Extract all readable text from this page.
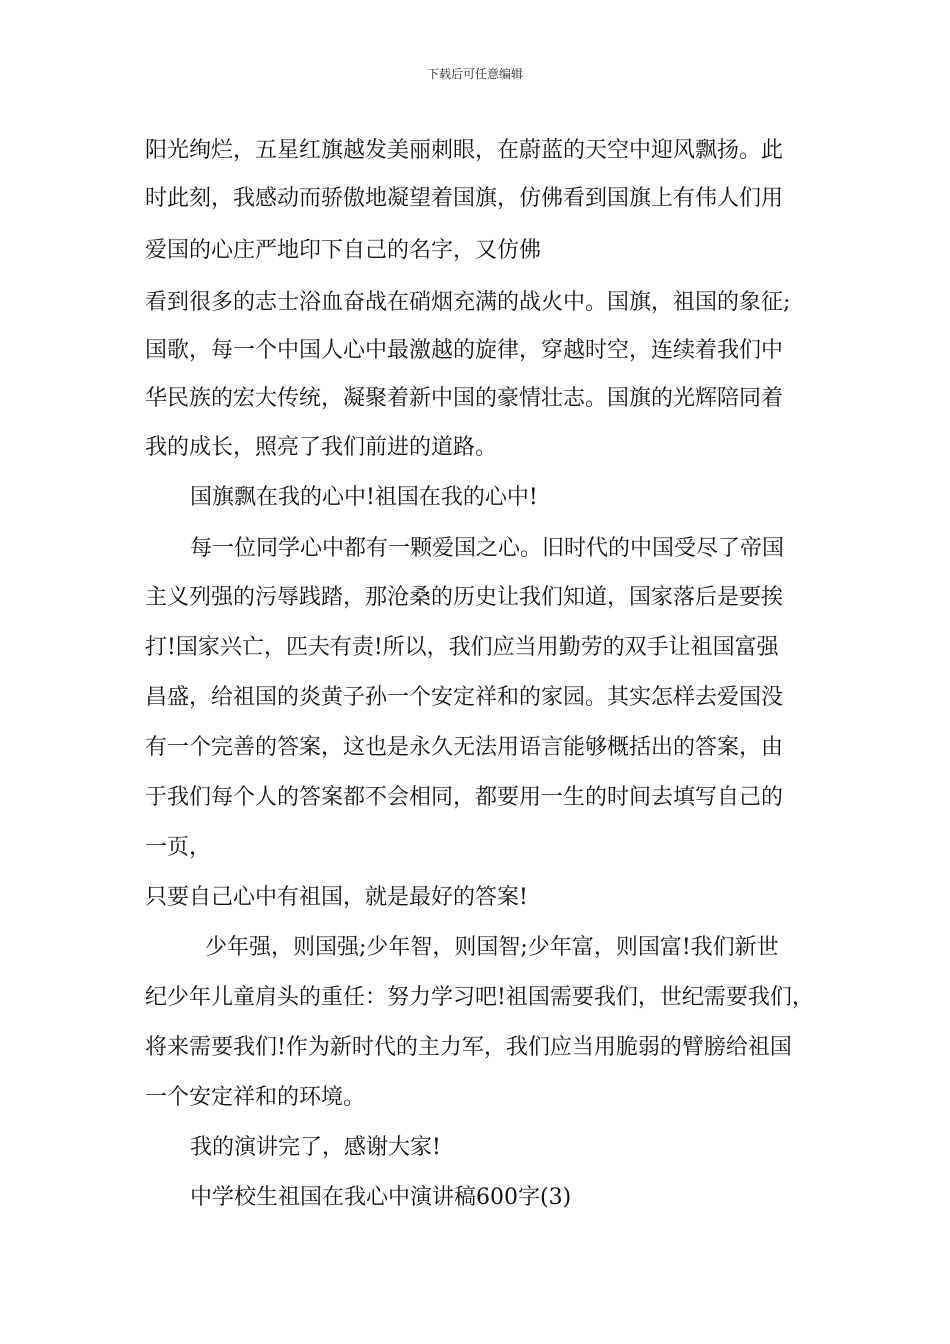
下载后可任意编辑
阳光绚烂，五星红旗越发美丽刺眼，在蔚蓝的天空中迎风飘扬。此
时此刻，我感动而骄傲地凝望着国旗，仿佛看到国旗上有伟人们用
爱国的心庄严地印下自己的名字，又仿佛
看到很多的志士浴血奋战在硝烟充满的战火中。国旗，祖国的象征;
国歌，每一个中国人心中最激越的旋律，穿越时空，连续着我们中
华民族的宏大传统，凝聚着新中国的豪情壮志。国旗的光辉陪同着
我的成长，照亮了我们前进的道路。
国旗飘在我的心中!祖国在我的心中!
每一位同学心中都有一颗爱国之心。旧时代的中国受尽了帝国
主义列强的污辱践踏，那沧桑的历史让我们知道，国家落后是要挨
打!国家兴亡，匹夫有责!所以，我们应当用勤劳的双手让祖国富强
昌盛，给祖国的炎黄子孙一个安定祥和的家园。其实怎样去爱国没
有一个完善的答案，这也是永久无法用语言能够概括出的答案，由
于我们每个人的答案都不会相同，都要用一生的时间去填写自己的
一页，
只要自己心中有祖国，就是最好的答案!
少年强，则国强;少年智，则国智;少年富，则国富!我们新世
纪少年儿童肩头的重任：努力学习吧!祖国需要我们，世纪需要我们，
将来需要我们!作为新时代的主力军，我们应当用脆弱的臂膀给祖国
一个安定祥和的环境。
我的演讲完了，感谢大家!
中学校生祖国在我心中演讲稿600字(3)
